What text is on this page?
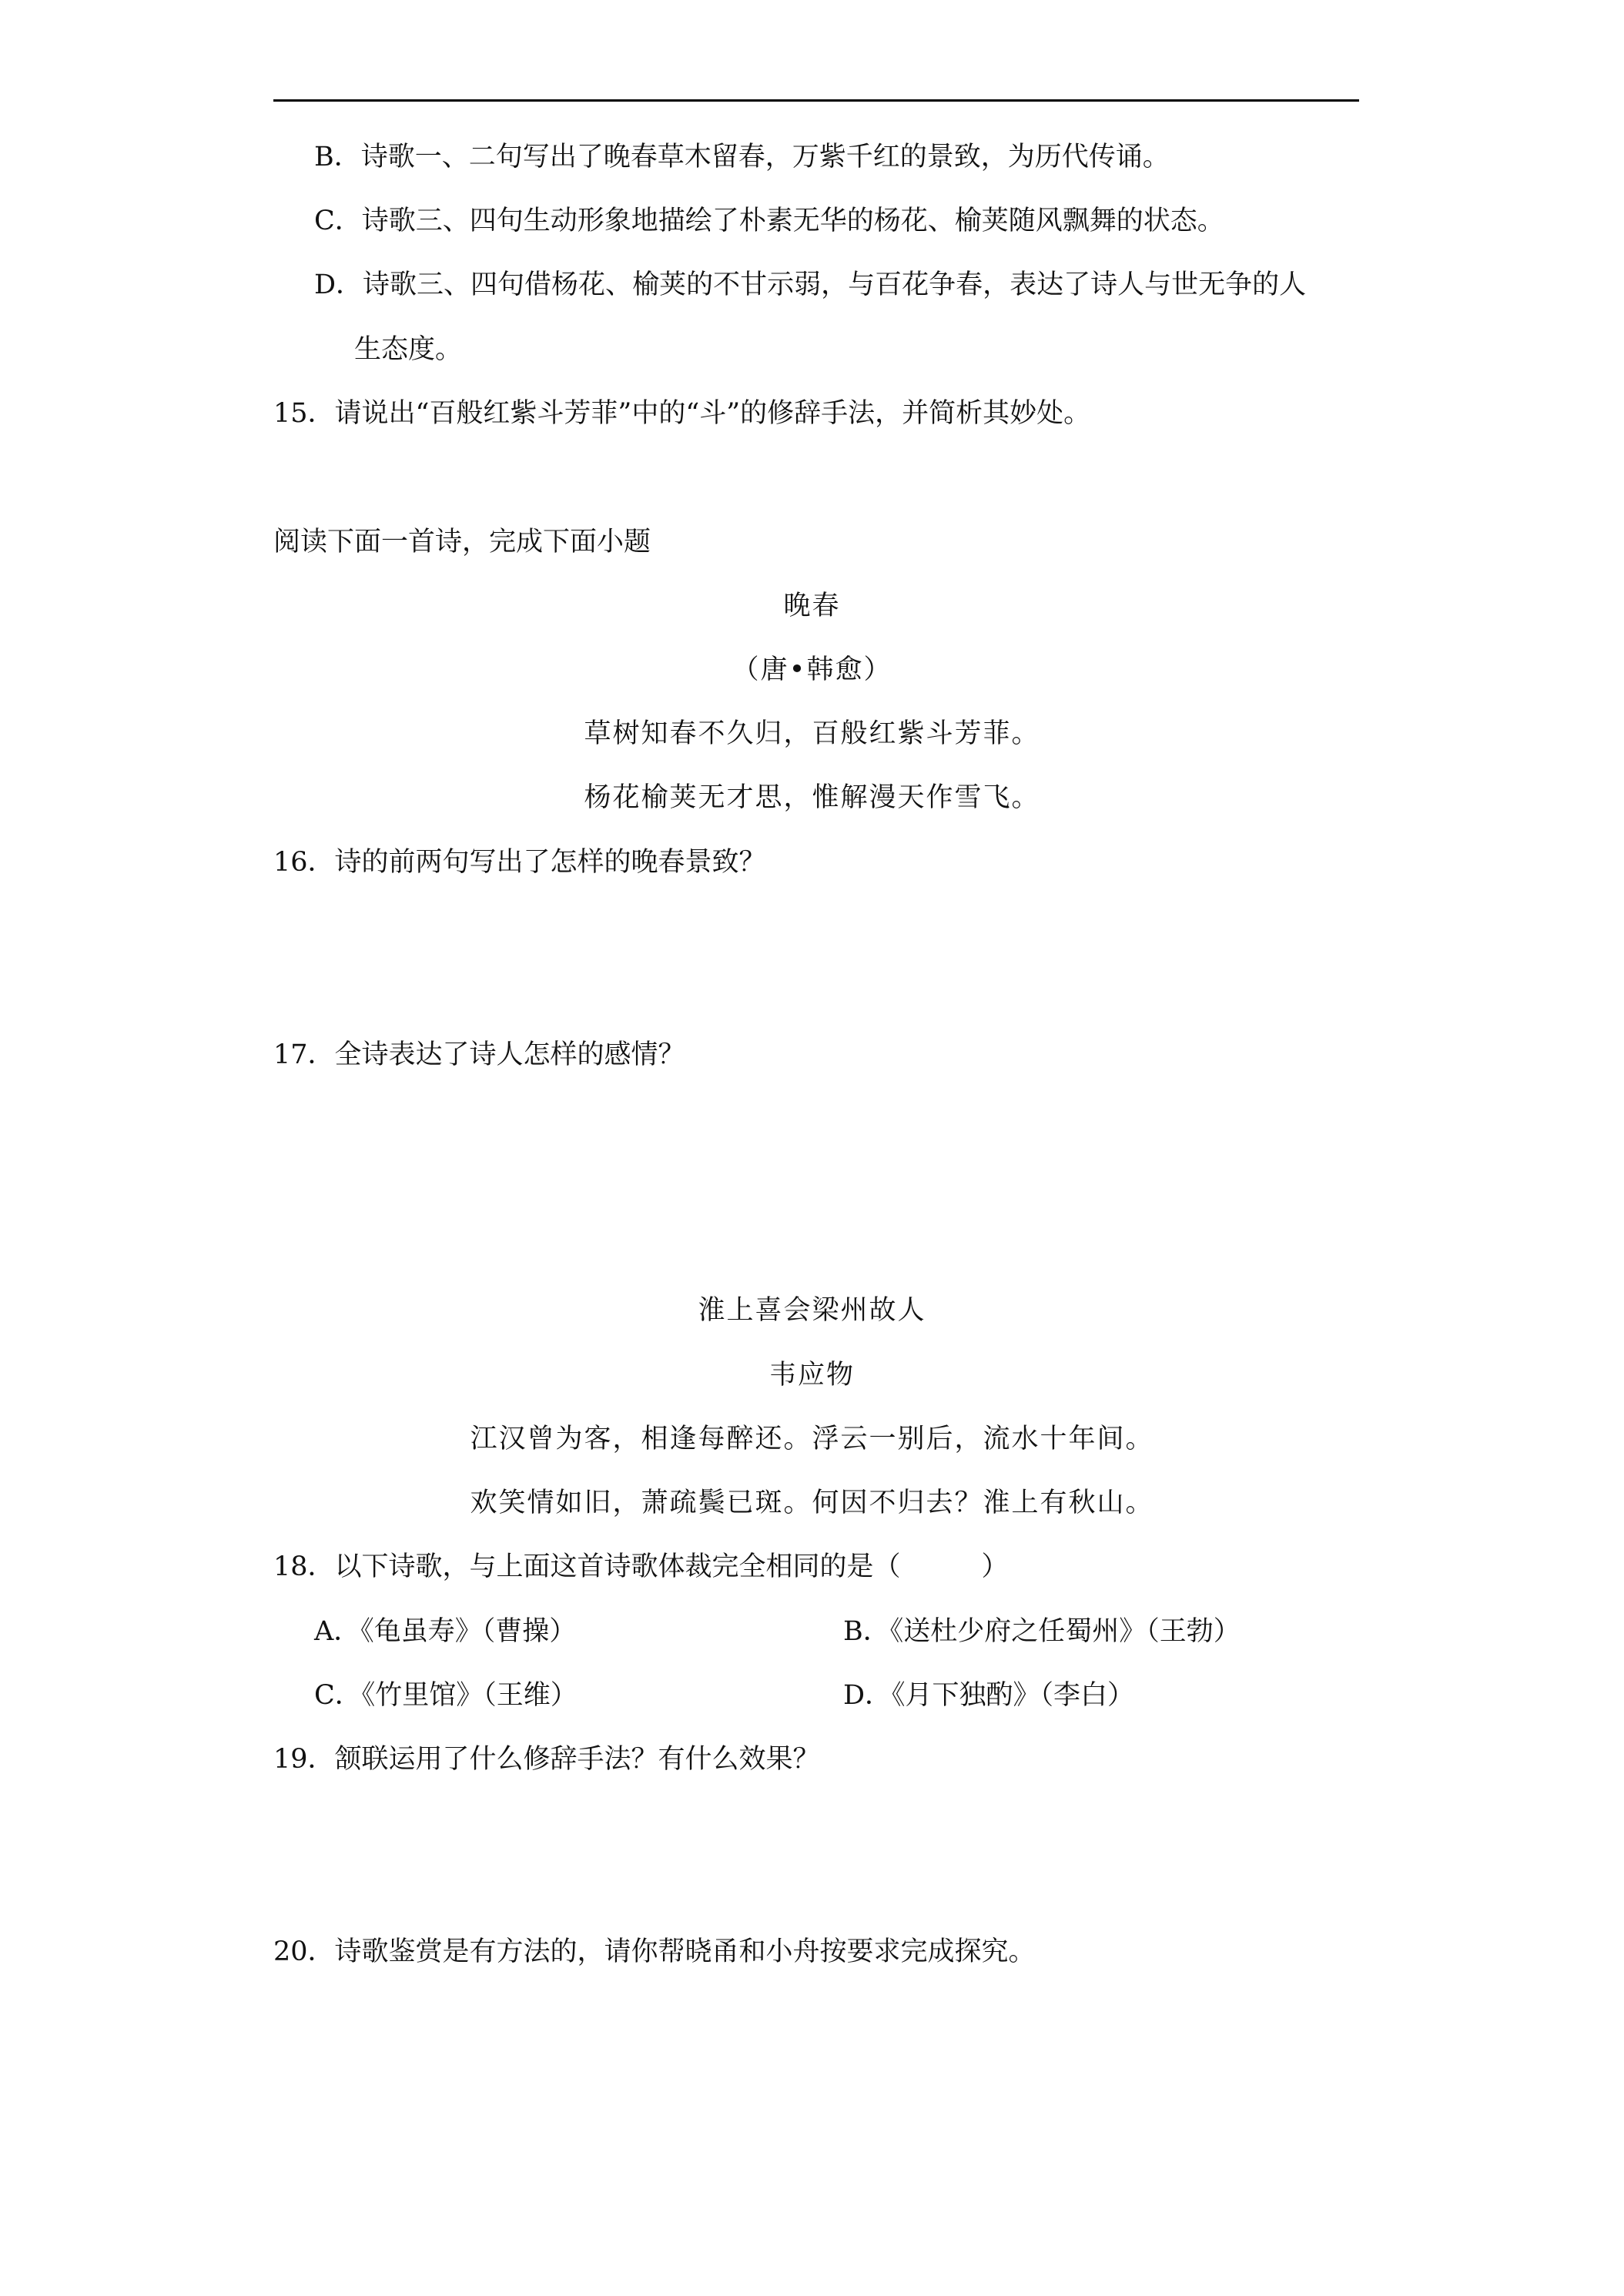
B．诗歌一、二句写出了晚春草木留春，万紫千红的景致，为历代传诵。
C．诗歌三、四句生动形象地描绘了朴素无华的杨花、榆荚随风飘舞的状态。
D．诗歌三、四句借杨花、榆荚的不甘示弱，与百花争春，表达了诗人与世无争的人
生态度。
15．请说出“百般红紫斗芳菲”中的“斗”的修辞手法，并简析其妙处。
阅读下面一首诗，完成下面小题
晚春
（唐•韩愈）
草树知春不久归，百般红紫斗芳菲。
杨花榆荚无才思，惟解漫天作雪飞。
16．诗的前两句写出了怎样的晚春景致？
17．全诗表达了诗人怎样的感情？
淮上喜会梁州故人
韦应物
江汉曾为客，相逢每醉还。浮云一别后，流水十年间。
欢笑情如旧，萧疏鬓已斑。何因不归去？淮上有秋山。
18．以下诗歌，与上面这首诗歌体裁完全相同的是（　　　）
A．《龟虽寿》（曹操）	B．《送杜少府之任蜀州》（王勃）
C．《竹里馆》（王维）	D．《月下独酌》（李白）
19．颔联运用了什么修辞手法？有什么效果？
20．诗歌鉴赏是有方法的，请你帮晓甬和小舟按要求完成探究。
